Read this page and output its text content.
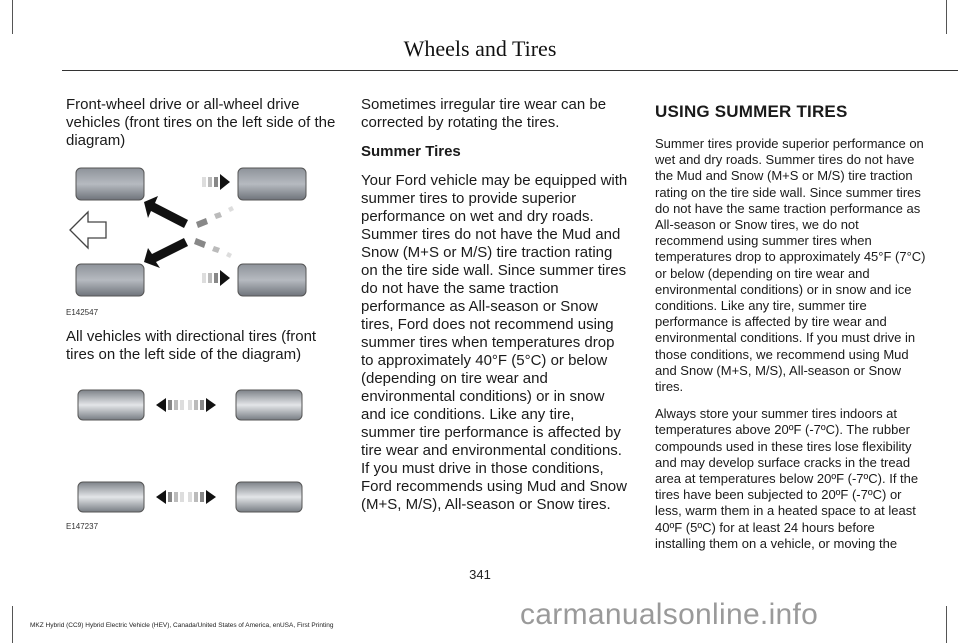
Wheels and Tires

Front-wheel drive or all-wheel drive vehicles (front tires on the left side of the diagram)

E142547

All vehicles with directional tires (front tires on the left side of the diagram)

E147237

Sometimes irregular tire wear can be corrected by rotating the tires.

Summer Tires

Your Ford vehicle may be equipped with summer tires to provide superior performance on wet and dry roads. Summer tires do not have the Mud and Snow (M+S or M/S) tire traction rating on the tire side wall. Since summer tires do not have the same traction performance as All-season or Snow tires, Ford does not recommend using summer tires when temperatures drop to approximately 40°F (5°C) or below (depending on tire wear and environmental conditions) or in snow and ice conditions. Like any tire, summer tire performance is affected by tire wear and environmental conditions. If you must drive in those conditions, Ford recommends using Mud and Snow (M+S, M/S), All-season or Snow tires.

USING SUMMER TIRES

Summer tires provide superior performance on wet and dry roads. Summer tires do not have the Mud and Snow (M+S or M/S) tire traction rating on the tire side wall. Since summer tires do not have the same traction performance as All-season or Snow tires, we do not recommend using summer tires when temperatures drop to approximately 45°F (7°C) or below (depending on tire wear and environmental conditions) or in snow and ice conditions. Like any tire, summer tire performance is affected by tire wear and environmental conditions. If you must drive in those conditions, we recommend using Mud and Snow (M+S, M/S), All-season or Snow tires.

Always store your summer tires indoors at temperatures above 20ºF (-7ºC). The rubber compounds used in these tires lose flexibility and may develop surface cracks in the tread area at temperatures below 20ºF (-7ºC). If the tires have been subjected to 20ºF (-7ºC) or less, warm them in a heated space to at least 40ºF (5ºC) for at least 24 hours before installing them on a vehicle, or moving the

341
carmanualsonline.info
MKZ Hybrid (CC9) Hybrid Electric Vehicle (HEV), Canada/United States of America, enUSA, First Printing
